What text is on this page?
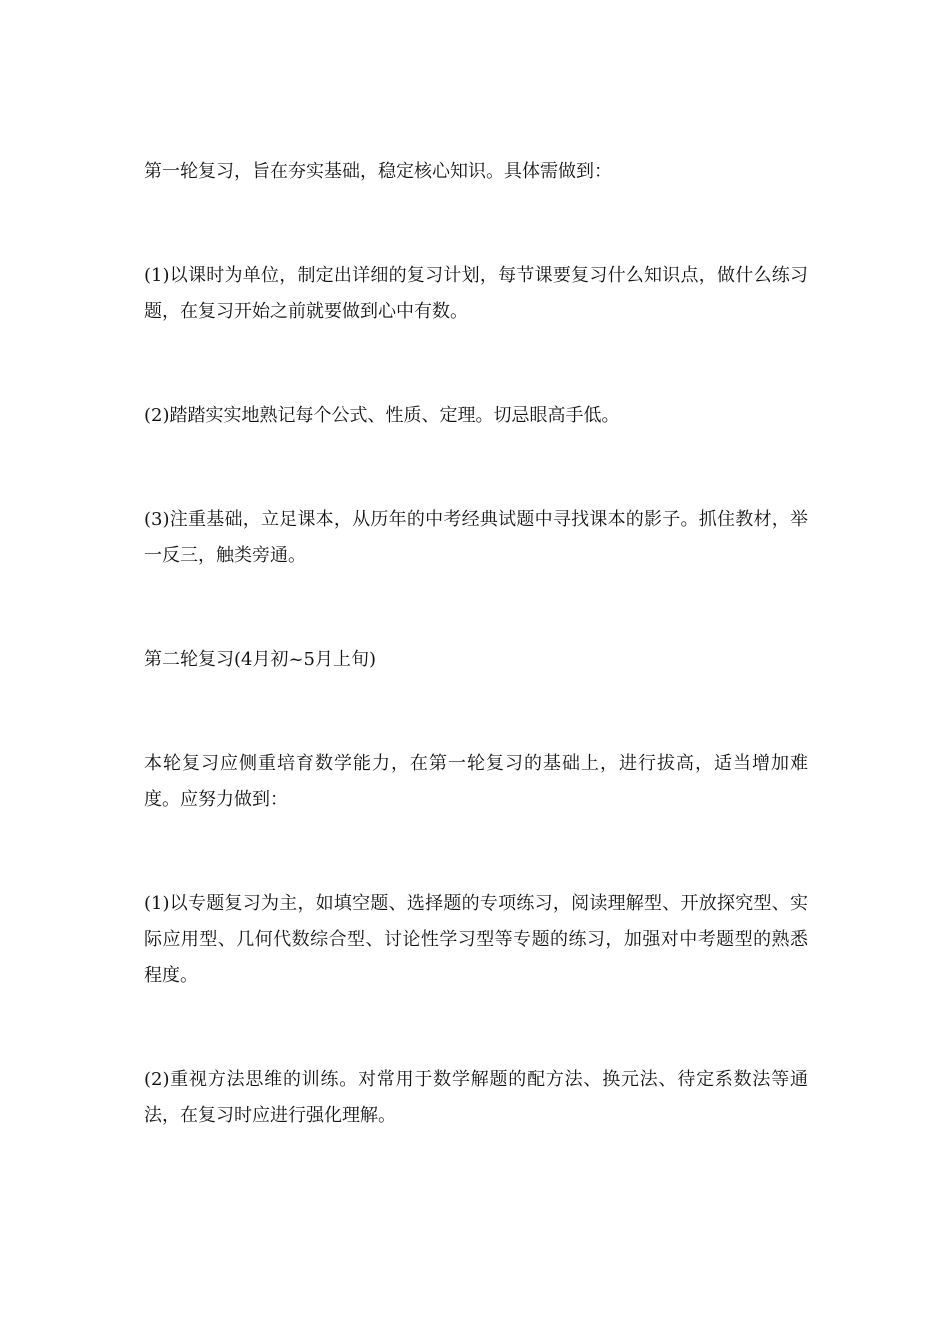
第一轮复习，旨在夯实基础，稳定核心知识。具体需做到：

(1)以课时为单位，制定出详细的复习计划，每节课要复习什么知识点，做什么练习题，在复习开始之前就要做到心中有数。

(2)踏踏实实地熟记每个公式、性质、定理。切忌眼高手低。

(3)注重基础，立足课本，从历年的中考经典试题中寻找课本的影子。抓住教材，举一反三，触类旁通。

第二轮复习(4月初~5月上旬)

本轮复习应侧重培育数学能力，在第一轮复习的基础上，进行拔高，适当增加难度。应努力做到：

(1)以专题复习为主，如填空题、选择题的专项练习，阅读理解型、开放探究型、实际应用型、几何代数综合型、讨论性学习型等专题的练习，加强对中考题型的熟悉程度。

(2)重视方法思维的训练。对常用于数学解题的配方法、换元法、待定系数法等通法，在复习时应进行强化理解。
